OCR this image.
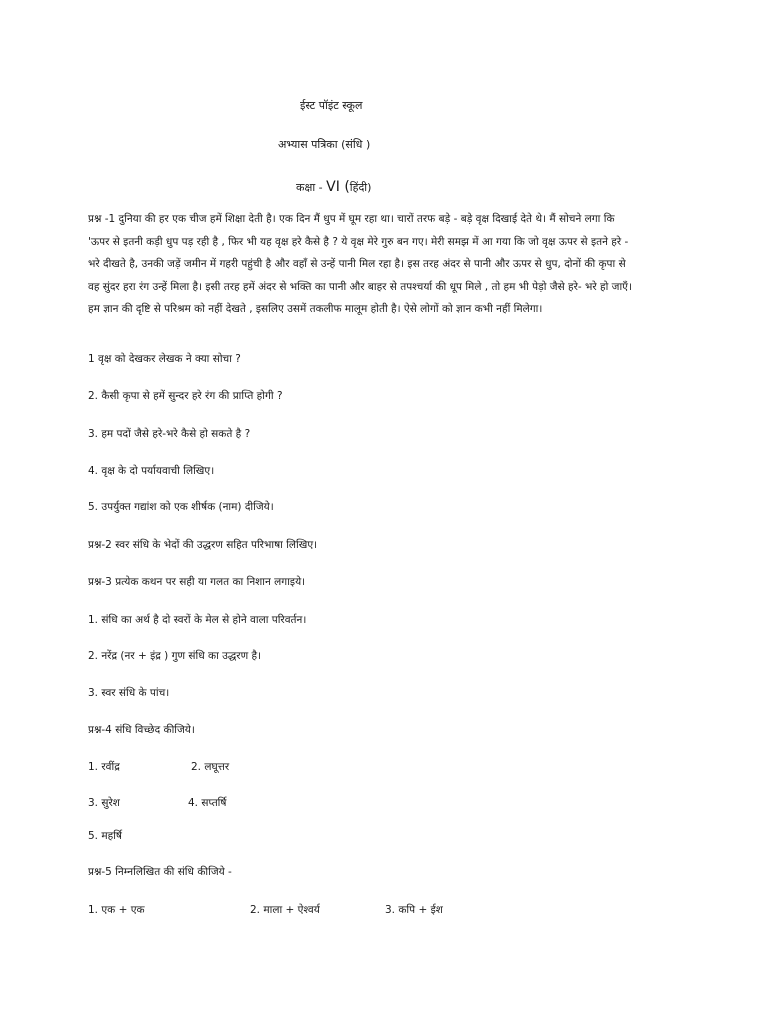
ईस्ट पॉइंट स्कूल
अभ्यास पत्रिका (संधि )
कक्षा - VI (हिंदी)
प्रश्न -1 दुनिया की हर एक चीज हमें शिक्षा देती है। एक दिन मैं धुप में घूम रहा था। चारों तरफ बड़े - बड़े वृक्ष दिखाई देते थे। मैं सोचने लगा कि
'ऊपर से इतनी कड़ी धुप पड़ रही है , फिर भी यह वृक्ष हरे कैसे है ? ये वृक्ष मेरे गुरु बन गए। मेरी समझ में आ गया कि जो वृक्ष ऊपर से इतने हरे -
भरे दीखते है, उनकी जड़ें जमीन में गहरी पहुंची है और वहाँ से उन्हें पानी मिल रहा है। इस तरह अंदर से पानी और ऊपर से धुप, दोनों की कृपा से
वह सुंदर हरा रंग उन्हें मिला है। इसी तरह हमें अंदर से भक्ति का पानी और बाहर से तपश्चर्या की धूप मिले , तो हम भी पेड़ो जैसे हरे- भरे हो जाएँ।
हम ज्ञान की दृष्टि से परिश्रम को नहीं देखते , इसलिए उसमें तकलीफ मालूम होती है। ऐसे लोगों को ज्ञान कभी नहीं मिलेगा।
1 वृक्ष को देखकर लेखक ने क्या सोचा ?
2. कैसी कृपा से हमें सुन्दर हरे रंग की प्राप्ति होगी ?
3. हम पदों जैसे हरे-भरे कैसे हो सकते है ?
4. वृक्ष के दो पर्यायवाची लिखिए।
5. उपर्युक्त गद्यांश को एक शीर्षक (नाम) दीजिये।
प्रश्न-2 स्वर संधि के भेदों की उद्धरण सहित परिभाषा लिखिए।
प्रश्न-3 प्रत्येक कथन पर सही या गलत का निशान लगाइये।
1. संधि का अर्थ है दो स्वरों के मेल से होने वाला परिवर्तन।
2. नरेंद्र (नर + इंद्र ) गुण संधि का उद्धरण है।
3. स्वर संधि के पांच।
प्रश्न-4 संधि विच्छेद कीजिये।
1. रवींद्र	2. लघूत्तर
3. सुरेश	4. सप्तर्षि
5. महर्षि
प्रश्न-5 निम्नलिखित की संधि कीजिये -
1. एक + एक	2. माला + ऐश्वर्य	3. कपि + ईश
